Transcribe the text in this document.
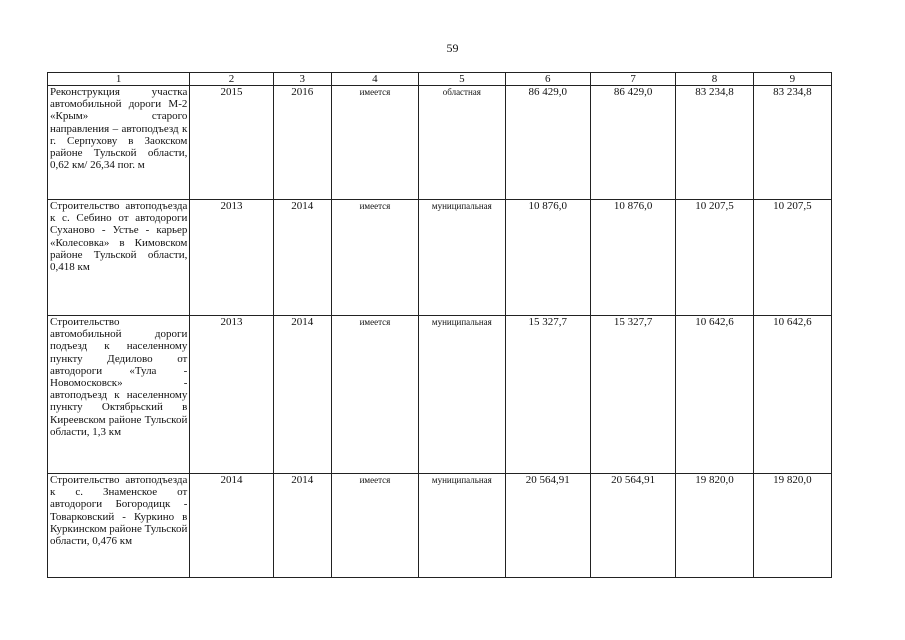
59
1	2	3	4	5	6	7	8	9
Реконструкция участка автомобильной дороги М-2 «Крым» старого направления – автоподъезд к г. Серпухову в Заокском районе Тульской области, 0,62 км/ 26,34 пог. м	2015	2016	имеется	областная	86 429,0	86 429,0	83 234,8	83 234,8
Строительство автоподъезда к с. Себино от автодороги Суханово - Устье - карьер «Колесовка» в Кимовском районе Тульской области, 0,418 км	2013	2014	имеется	муниципальная	10 876,0	10 876,0	10 207,5	10 207,5
Строительство автомобильной дороги подъезд к населенному пункту Дедилово от автодороги «Тула - Новомосковск» - автоподъезд к населенному пункту Октябрьский в Киреевском районе Тульской области, 1,3 км	2013	2014	имеется	муниципальная	15 327,7	15 327,7	10 642,6	10 642,6
Строительство автоподъезда к с. Знаменское от автодороги Богородицк - Товарковский - Куркино в Куркинском районе Тульской области, 0,476 км	2014	2014	имеется	муниципальная	20 564,91	20 564,91	19 820,0	19 820,0
